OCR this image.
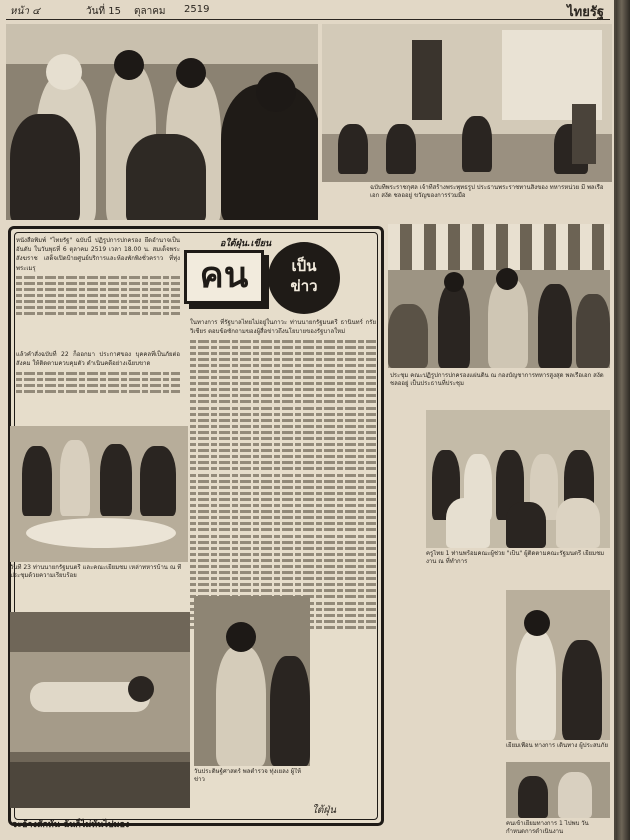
หน้า ๔	วันที่ 15 ตุลาคม 2519	ไทยรัฐ
ฉบับที่พระราชกุศล เจ้าที่สร้างพระพุทธรูป ประธานพระราชทานสิ่งของ ทหารหน่วย มี พลเรือเอก สงัด ชลออยู่ ขวัญของการร่วมมือ
ประชุม คณะปฏิรูปการปกครองแผ่นดิน ณ กองบัญชาการทหารสูงสุด พลเรือเอก สงัด ชลออยู่ เป็นประธานที่ประชุม
ครูไทย 1 ท่านพร้อมคณะผู้ช่วย "เป็น" ผู้ติดตามคณะรัฐมนตรี เยี่ยมชมงาน ณ ที่ทำการ
เยี่ยมเพื่อน ทางการ เดินทาง ผู้ประสบภัย
คนเข้าเยี่ยมทางการ 1 ไปพบ วันกำหนดการดำเนินงาน
อใต้ฝุ่น.เขียน
คน	เป็น
ข่าว
หนังสือพิมพ์ "ไทยรัฐ" ฉบับนี้ ปฏิรูปการปกครอง ยึดอำนาจเป็นอันดับ ในวันพุธที่ 6 ตุลาคม 2519 เวลา 18.00 น. สมเด็จพระสังฆราช เสด็จเปิดป้ายศูนย์บริการและห้องพักพิงชั่วคราว ที่ทุ่งพระเมรุ
แล้วคำสั่งฉบับที่ 22 ก็ออกมา ประกาศของ บุคคลที่เป็นภัยต่อสังคม ให้ติดตามควบคุมตัว ดำเนินคดีอย่างเฉียบขาด
วันที่ 23 ท่านนายกรัฐมนตรี และคณะเยี่ยมชม เหล่าทหารบ้าน ณ ที่ประชุมด้วยความเรียบร้อย
ในทางการ ที่รัฐบาลไทยไม่อยู่ในภาวะ ท่านนายกรัฐมนตรี ธานินทร์ กรัยวิเชียร ตอบข้อซักถามของผู้สื่อข่าวถึงนโยบายของรัฐบาลใหม่
วันประดิษฐ์ศาสตร์ พลตำรวจ ทุ่งเยลง ผู้ให้ข่าว
ใต้ฝุ่น
จะอ้างสักหัน ฉันก็ไม่หันไปมอง
